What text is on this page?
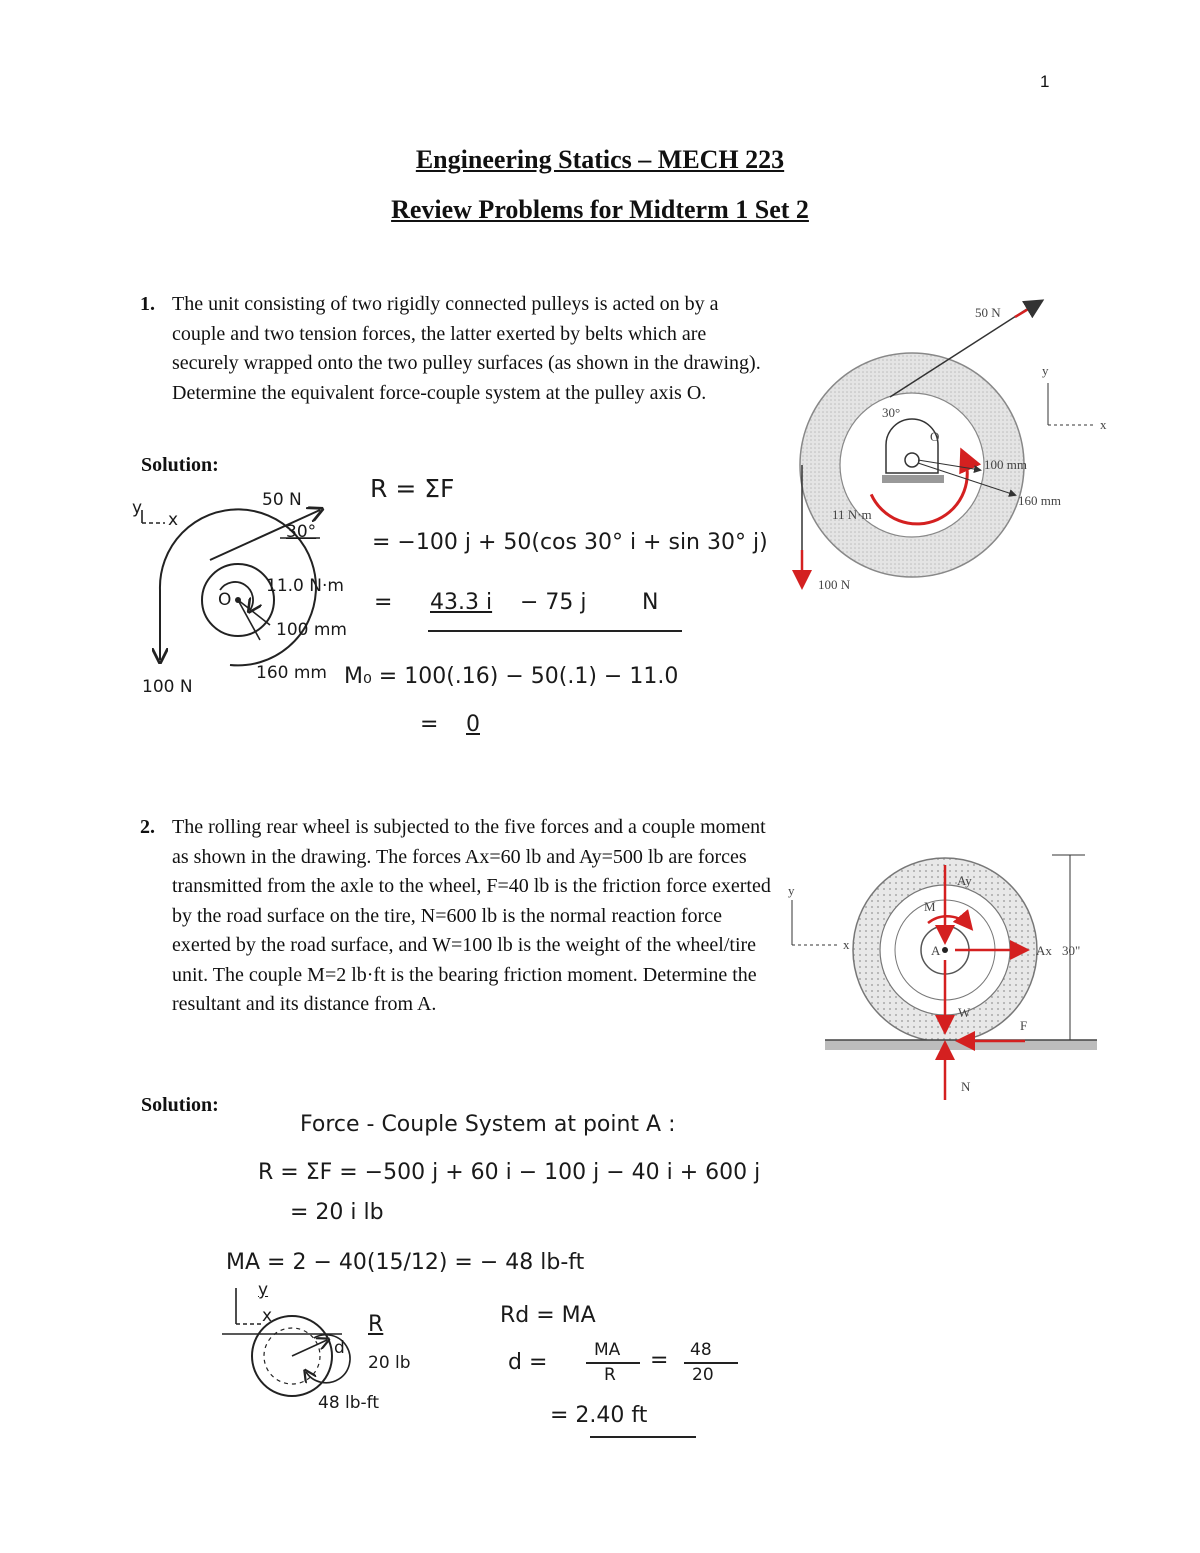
1
Engineering Statics – MECH 223
Review Problems for Midterm 1 Set 2
1. The unit consisting of two rigidly connected pulleys is acted on by a couple and two tension forces, the latter exerted by belts which are securely wrapped onto the two pulley surfaces (as shown in the drawing). Determine the equivalent force-couple system at the pulley axis O.
Solution:
O
50 N
30°
100 N
11 N·m
100 mm
160 mm
y
x
y
x
50 N
30°
11.0 N·m
O
100 mm
160 mm
100 N
R = ΣF
= −100 j + 50(cos 30° i + sin 30° j)
= 43.3 i − 75 j	N
M₀ = 100(.16) − 50(.1) − 11.0
= 0
2. The rolling rear wheel is subjected to the five forces and a couple moment as shown in the drawing. The forces Ax=60 lb and Ay=500 lb are forces transmitted from the axle to the wheel, F=40 lb is the friction force exerted by the road surface on the tire, N=600 lb is the normal reaction force exerted by the road surface, and W=100 lb is the weight of the wheel/tire unit. The couple M=2 lb·ft is the bearing friction moment. Determine the resultant and its distance from A.
Solution:
Ay
M
A	Ax
W
F
N
30"
y
x
Force - Couple System at point A :
R = ΣF = −500 j + 60 i − 100 j − 40 i + 600 j
= 20 i lb
MA = 2 − 40(15/12) = − 48 lb-ft
Rd = MA
d =	MA
R
= 48
20
= 2.40 ft
y
x	R
d
20 lb
48 lb-ft
